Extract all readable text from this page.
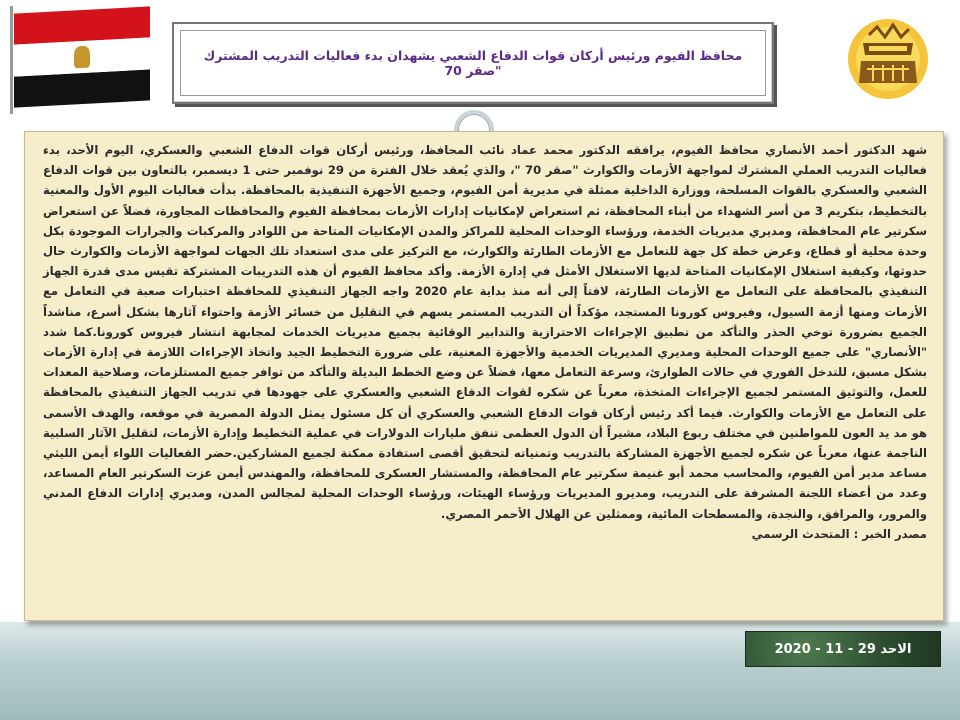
محافظ الفيوم ورئيس أركان قوات الدفاع الشعبي يشهدان بدء فعاليات التدريب المشترك "صقر 70

شهد الدكتور أحمد الأنصاري محافظ الفيوم، يرافقه الدكتور محمد عماد نائب المحافظ، ورئيس أركان قوات الدفاع الشعبي والعسكري، اليوم الأحد، بدء فعاليات التدريب العملي المشترك لمواجهة الأزمات والكوارث "صقر 70 "، والذي يُعقد خلال الفترة من 29 نوفمبر حتى 1 ديسمبر، بالتعاون بين قوات الدفاع الشعبي والعسكري بالقوات المسلحة، ووزارة الداخلية ممثلة في مديرية أمن الفيوم، وجميع الأجهزة التنفيذية بالمحافظة. بدأت فعاليات اليوم الأول والمعنية بالتخطيط، بتكريم 3 من أسر الشهداء من أبناء المحافظة، ثم استعراض لإمكانيات إدارات الأزمات بمحافظة الفيوم والمحافظات المجاورة، فضلاً عن استعراض سكرتير عام المحافظة، ومديري مديريات الخدمة، ورؤساء الوحدات المحلية للمراكز والمدن الإمكانيات المتاحة من اللوادر والمركبات والجرارات الموجودة بكل وحدة محلية أو قطاع، وعرض خطة كل جهة للتعامل مع الأزمات الطارئة والكوارث، مع التركيز على مدى استعداد تلك الجهات لمواجهة الأزمات والكوارث حال حدوثها، وكيفية استغلال الإمكانيات المتاحة لديها الاستغلال الأمثل في إدارة الأزمة. وأكد محافظ الفيوم أن هذه التدريبات المشتركة تقيس مدى قدرة الجهاز التنفيذي بالمحافظة على التعامل مع الأزمات الطارئة، لافتاً إلى أنه منذ بداية عام 2020 واجه الجهاز التنفيذي للمحافظة اختبارات صعبة في التعامل مع الأزمات ومنها أزمة السيول، وفيروس كورونا المستجد، مؤكداً أن التدريب المستمر يسهم في التقليل من خسائر الأزمة واحتواء آثارها بشكل أسرع، مناشداً الجميع بضرورة توخي الحذر والتأكد من تطبيق الإجراءات الاحترازية والتدابير الوقائية بجميع مديريات الخدمات لمجابهة انتشار فيروس كورونا.كما شدد "الأنصاري" على جميع الوحدات المحلية ومديري المديريات الخدمية والأجهزة المعنية، على ضرورة التخطيط الجيد واتخاذ الإجراءات اللازمة في إدارة الأزمات بشكل مسبق، للتدخل الفوري في حالات الطوارئ، وسرعة التعامل معها، فضلاً عن وضع الخطط البديلة والتأكد من توافر جميع المستلزمات، وصلاحية المعدات للعمل، والتوثيق المستمر لجميع الإجراءات المتخذة، معرباً عن شكره لقوات الدفاع الشعبي والعسكري على جهودها في تدريب الجهاز التنفيذي بالمحافظة على التعامل مع الأزمات والكوارث. فيما أكد رئيس أركان قوات الدفاع الشعبي والعسكري أن كل مسئول يمثل الدولة المصرية في موقعه، والهدف الأسمى هو مد يد العون للمواطنين في مختلف ربوع البلاد، مشيراً أن الدول العظمى تنفق مليارات الدولارات في عملية التخطيط وإدارة الأزمات، لتقليل الآثار السلبية الناجمة عنها، معرباً عن شكره لجميع الأجهزة المشاركة بالتدريب وتمنياته لتحقيق أقصى استفادة ممكنة لجميع المشاركين.حضر الفعاليات اللواء أيمن الليثي مساعد مدير أمن الفيوم، والمحاسب محمد أبو غنيمة سكرتير عام المحافظة، والمستشار العسكرى للمحافظة، والمهندس أيمن عزت السكرتير العام المساعد، وعدد من أعضاء اللجنة المشرفة على التدريب، ومديرو المديريات ورؤساء الهيئات، ورؤساء الوحدات المحلية لمجالس المدن، ومديري إدارات الدفاع المدني والمرور، والمرافق، والنجدة، والمسطحات المائية، وممثلين عن الهلال الأحمر المصري.

مصدر الخبر : المتحدث الرسمي

الاحد 29 - 11 - 2020
